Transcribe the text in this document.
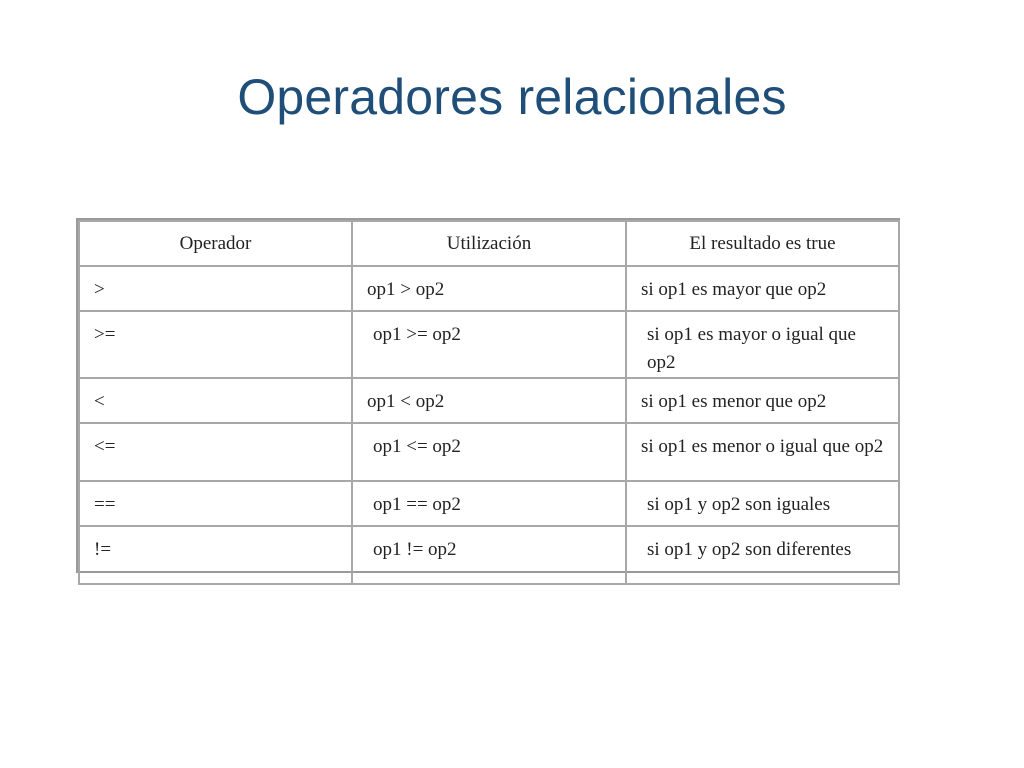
Operadores relacionales
Operador	Utilización	El resultado es true

>	op1 > op2	si op1 es mayor que op2

>=	op1 >= op2	si op1 es mayor o igual que op2

<	op1 < op2	si op1 es menor que op2

<=	op1 <= op2	si op1 es menor o igual que op2

==	op1 == op2	si op1 y op2 son iguales

!=	op1 != op2	si op1 y op2 son diferentes
